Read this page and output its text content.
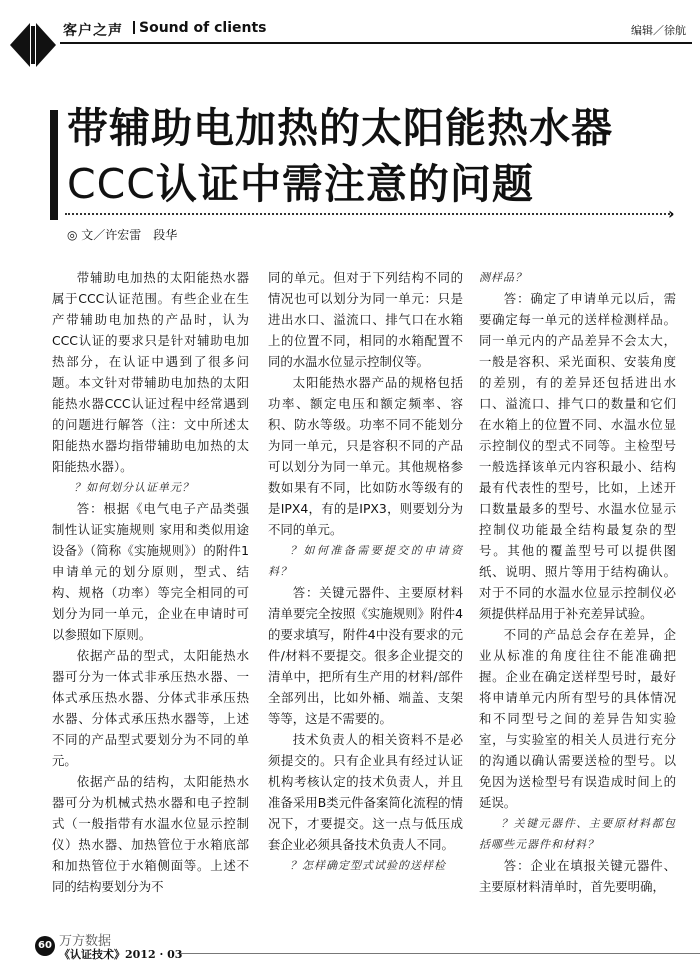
客户之声	Sound of clients	编辑／徐航
带辅助电加热的太阳能热水器
CCC认证中需注意的问题
›
◎ 文／许宏雷　段华

带辅助电加热的太阳能热水器属于CCC认证范围。有些企业在生产带辅助电加热的产品时，认为CCC认证的要求只是针对辅助电加热部分，在认证中遇到了很多问题。本文针对带辅助电加热的太阳能热水器CCC认证过程中经常遇到的问题进行解答（注：文中所述太阳能热水器均指带辅助电加热的太阳能热水器）。

？如何划分认证单元？

答：根据《电气电子产品类强制性认证实施规则 家用和类似用途设备》（简称《实施规则》）的附件1申请单元的划分原则，型式、结构、规格（功率）等完全相同的可划分为同一单元，企业在申请时可以参照如下原则。

依据产品的型式，太阳能热水器可分为一体式非承压热水器、一体式承压热水器、分体式非承压热水器、分体式承压热水器等，上述不同的产品型式要划分为不同的单元。

依据产品的结构，太阳能热水器可分为机械式热水器和电子控制式（一般指带有水温水位显示控制仪）热水器、加热管位于水箱底部和加热管位于水箱侧面等。上述不同的结构要划分为不

同的单元。但对于下列结构不同的情况也可以划分为同一单元：只是进出水口、溢流口、排气口在水箱上的位置不同，相同的水箱配置不同的水温水位显示控制仪等。

太阳能热水器产品的规格包括功率、额定电压和额定频率、容积、防水等级。功率不同不能划分为同一单元，只是容积不同的产品可以划分为同一单元。其他规格参数如果有不同，比如防水等级有的是IPX4，有的是IPX3，则要划分为不同的单元。

？如何准备需要提交的申请资料？

答：关键元器件、主要原材料清单要完全按照《实施规则》附件4的要求填写，附件4中没有要求的元件/材料不要提交。很多企业提交的清单中，把所有生产用的材料/部件全部列出，比如外桶、端盖、支架等等，这是不需要的。

技术负责人的相关资料不是必须提交的。只有企业具有经过认证机构考核认定的技术负责人，并且准备采用B类元件备案简化流程的情况下，才要提交。这一点与低压成套企业必须具备技术负责人不同。

？怎样确定型式试验的送样检

测样品？

答：确定了申请单元以后，需要确定每一单元的送样检测样品。同一单元内的产品差异不会太大，一般是容积、采光面积、安装角度的差别，有的差异还包括进出水口、溢流口、排气口的数量和它们在水箱上的位置不同、水温水位显示控制仪的型式不同等。主检型号一般选择该单元内容积最小、结构最有代表性的型号，比如，上述开口数量最多的型号、水温水位显示控制仪功能最全结构最复杂的型号。其他的覆盖型号可以提供图纸、说明、照片等用于结构确认。对于不同的水温水位显示控制仪必须提供样品用于补充差异试验。

不同的产品总会存在差异，企业从标准的角度往往不能准确把握。企业在确定送样型号时，最好将申请单元内所有型号的具体情况和不同型号之间的差异告知实验室，与实验室的相关人员进行充分的沟通以确认需要送检的型号。以免因为送检型号有误造成时间上的延误。

？关键元器件、主要原材料都包括哪些元器件和材料？

答：企业在填报关键元器件、主要原材料清单时，首先要明确，

60 万方数据
《认证技术》2012 · 03
